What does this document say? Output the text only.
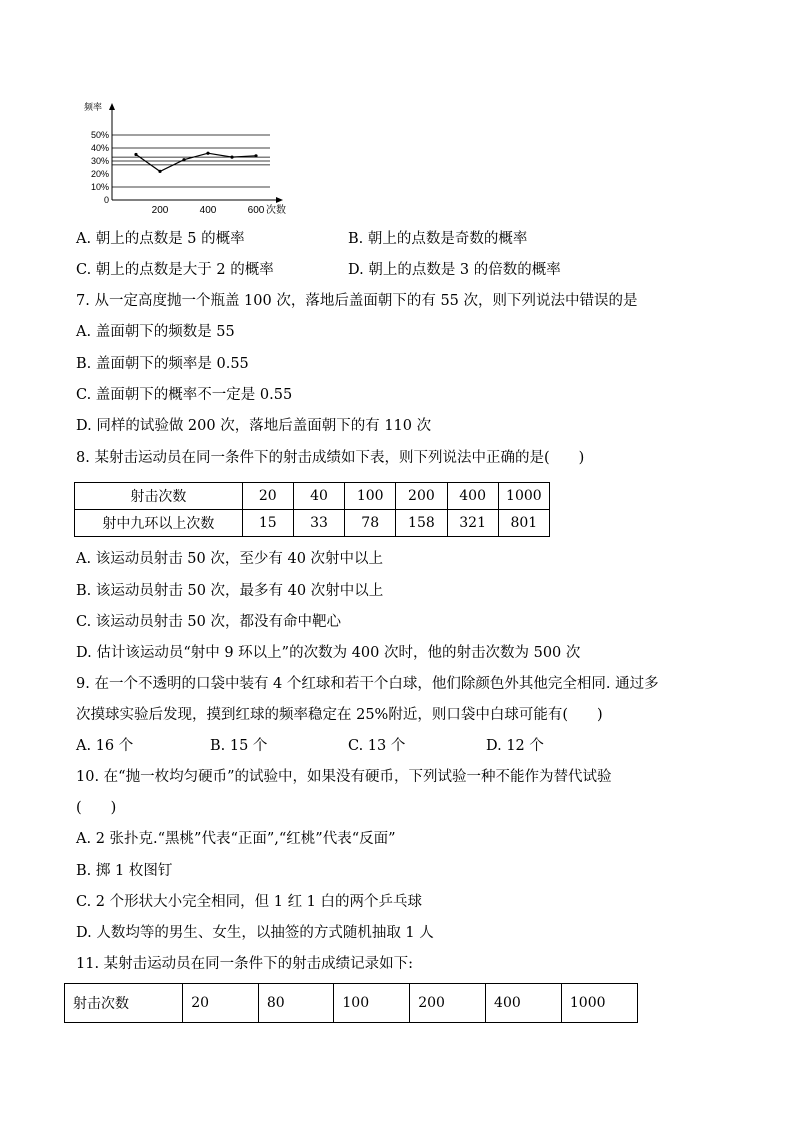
50%
40%
30%
20%
10%
0
频率
200	400	600 次数
A. 朝上的点数是 5 的概率	B. 朝上的点数是奇数的概率
C. 朝上的点数是大于 2 的概率	D. 朝上的点数是 3 的倍数的概率
7. 从一定高度抛一个瓶盖 100 次，落地后盖面朝下的有 55 次，则下列说法中错误的是
A. 盖面朝下的频数是 55
B. 盖面朝下的频率是 0.55
C. 盖面朝下的概率不一定是 0.55
D. 同样的试验做 200 次，落地后盖面朝下的有 110 次
8. 某射击运动员在同一条件下的射击成绩如下表，则下列说法中正确的是(　　)
射击次数	20	40	100	200	400	1000
射中九环以上次数	15	33	78	158	321	801
A. 该运动员射击 50 次，至少有 40 次射中以上
B. 该运动员射击 50 次，最多有 40 次射中以上
C. 该运动员射击 50 次，都没有命中靶心
D. 估计该运动员“射中 9 环以上”的次数为 400 次时，他的射击次数为 500 次
9. 在一个不透明的口袋中装有 4 个红球和若干个白球，他们除颜色外其他完全相同. 通过多
次摸球实验后发现，摸到红球的频率稳定在 25%附近，则口袋中白球可能有(　　)
A. 16 个	B. 15 个	C. 13 个	D. 12 个
10. 在“抛一枚均匀硬币”的试验中，如果没有硬币，下列试验一种不能作为替代试验
(　　)
A. 2 张扑克.“黑桃”代表“正面”,“红桃”代表“反面”
B. 掷 1 枚图钉
C. 2 个形状大小完全相同，但 1 红 1 白的两个乒乓球
D. 人数均等的男生、女生，以抽签的方式随机抽取 1 人
11. 某射击运动员在同一条件下的射击成绩记录如下:
射击次数	20	80	100	200	400	1000
